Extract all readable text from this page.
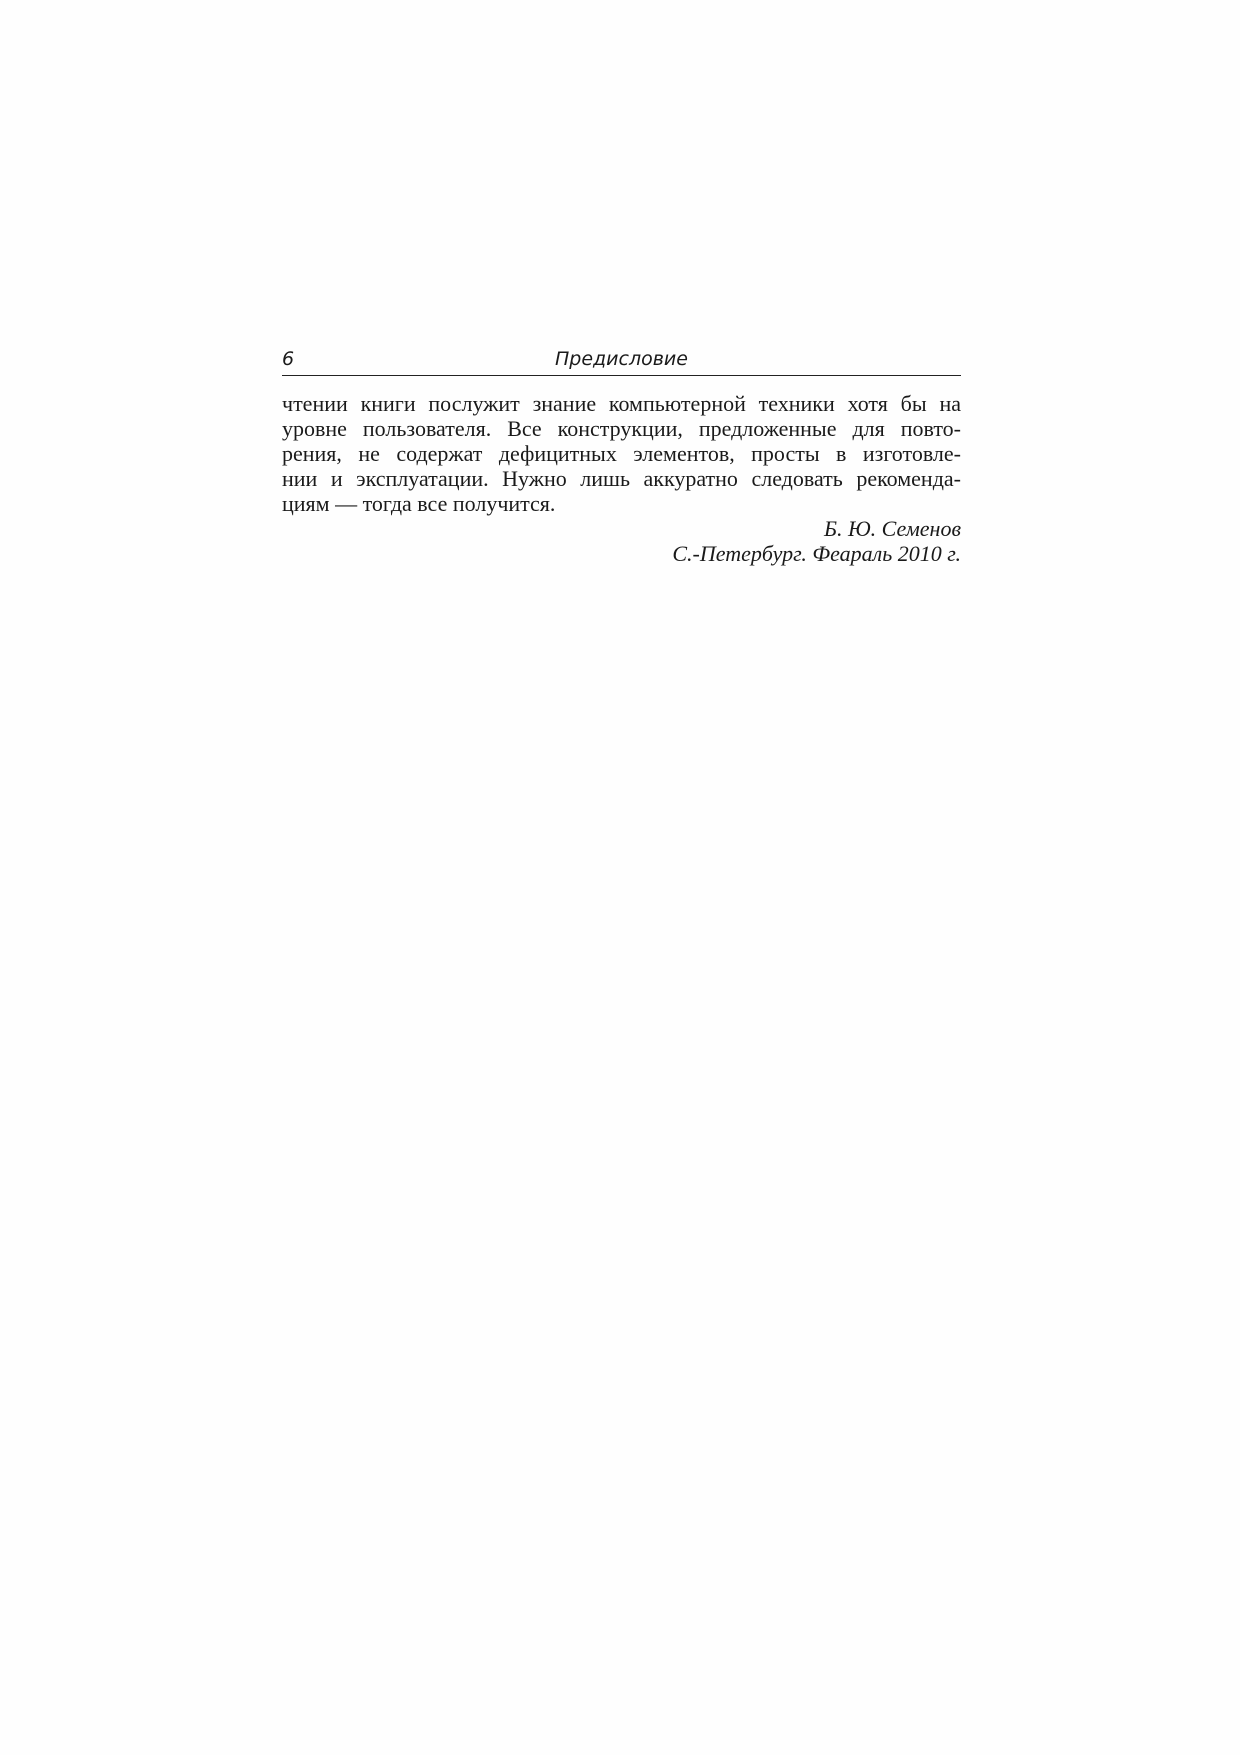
6	Предисловие
чтении книги послужит знание компьютерной техники хотя бы на
уровне пользователя. Все конструкции, предложенные для повто-
рения, не содержат дефицитных элементов, просты в изготовле-
нии и эксплуатации. Нужно лишь аккуратно следовать рекоменда-
циям — тогда все получится.
Б. Ю. Семенов
С.-Петербург. Феараль 2010 г.
